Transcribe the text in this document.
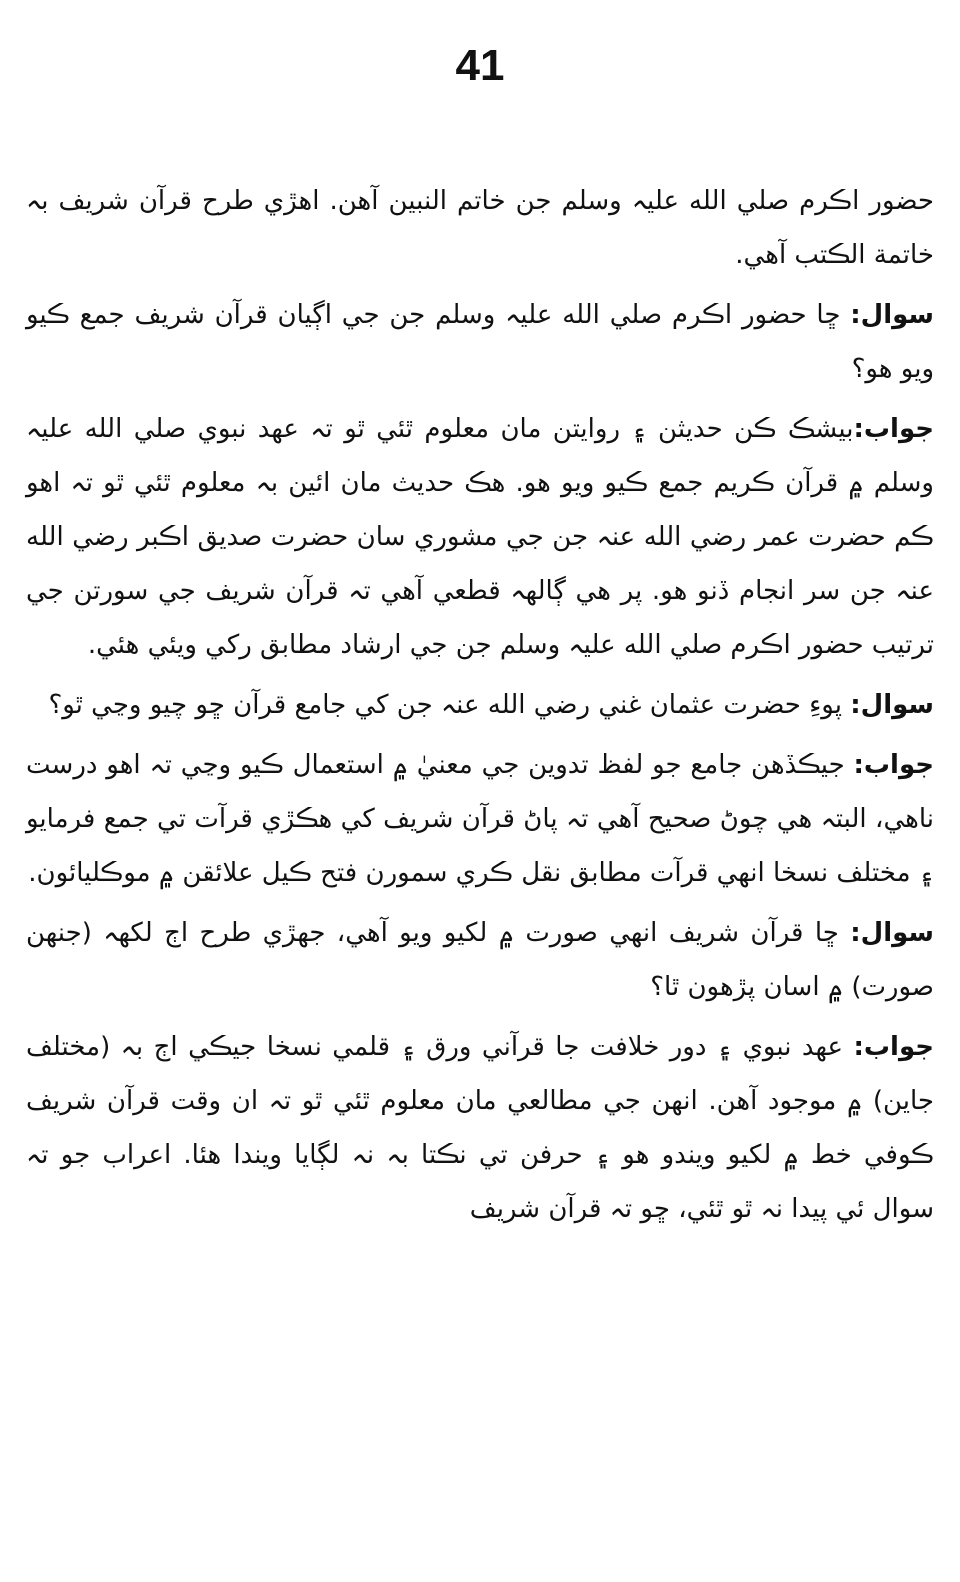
41

حضور اڪرم صلي الله عليہ وسلم جن خاتم النبين آهن. اهڙي طرح قرآن شريف بہ خاتمة الڪتب آهي.

سوال: ڇا حضور اڪرم صلي الله عليہ وسلم جن جي اڳيان قرآن شريف جمع ڪيو ويو هو؟

جواب:بيشڪ ڪن حديثن ۽ روايتن مان معلوم ٿئي ٿو تہ عهد نبوي صلي الله عليہ وسلم ۾ قرآن ڪريم جمع ڪيو ويو هو. هڪ حديث مان ائين بہ معلوم ٿئي ٿو تہ اهو ڪم حضرت عمر رضي الله عنہ جن جي مشوري سان حضرت صديق اڪبر رضي الله عنہ جن سر انجام ڏنو هو. پر هي ڳالهہ قطعي آهي تہ قرآن شريف جي سورتن جي ترتيب حضور اڪرم صلي الله عليہ وسلم جن جي ارشاد مطابق رکي ويئي هئي.

سوال: پوءِ حضرت عثمان غني رضي الله عنہ جن کي جامع قرآن ڇو چيو وڃي ٿو؟

جواب: جيڪڏهن جامع جو لفظ تدوين جي معنيٰ ۾ استعمال ڪيو وڃي تہ اهو درست ناهي، البتہ هي چوڻ صحيح آهي تہ پاڻ قرآن شريف کي هڪڙي قرآت تي جمع فرمايو ۽ مختلف نسخا انهي قرآت مطابق نقل ڪري سمورن فتح ڪيل علائقن ۾ موڪليائون.

سوال: ڇا قرآن شريف انهي صورت ۾ لکيو ويو آهي، جهڙي طرح اڄ لکهہ (جنهن صورت) ۾ اسان پڙهون ٿا؟

جواب: عهد نبوي ۽ دور خلافت جا قرآني ورق ۽ قلمي نسخا جيڪي اڄ بہ (مختلف جاين) ۾ موجود آهن. انهن جي مطالعي مان معلوم ٿئي ٿو تہ ان وقت قرآن شريف ڪوفي خط ۾ لکيو ويندو هو ۽ حرفن تي نڪتا بہ نہ لڳايا ويندا هئا. اعراب جو تہ سوال ئي پيدا نہ ٿو ٿئي، ڇو تہ قرآن شريف
